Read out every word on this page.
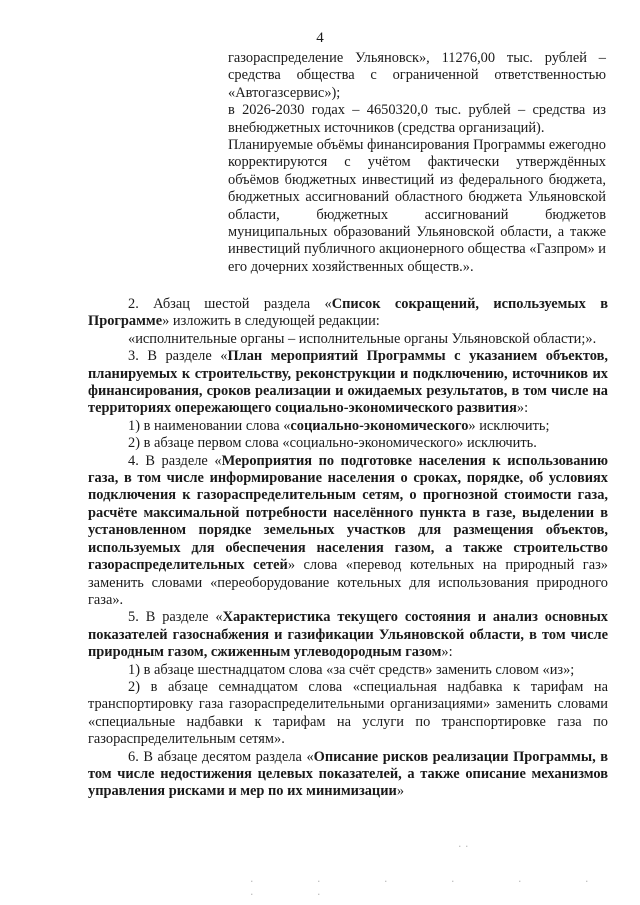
4

газораспределение Ульяновск», 11276,00 тыс. рублей – средства общества с ограниченной ответственностью «Автогазсервис»);

в 2026-2030 годах – 4650320,0 тыс. рублей – средства из внебюджетных источников (средства организаций).

Планируемые объёмы финансирования Программы ежегодно корректируются с учётом фактически утверждённых объёмов бюджетных инвестиций из федерального бюджета, бюджетных ассигнований областного бюджета Ульяновской области, бюджетных ассигнований бюджетов муниципальных образований Ульяновской области, а также инвестиций публичного акционерного общества «Газпром» и его дочерних хозяйственных обществ.».

2. Абзац шестой раздела «Список сокращений, используемых в Программе» изложить в следующей редакции:

«исполнительные органы – исполнительные органы Ульяновской области;».

3. В разделе «План мероприятий Программы с указанием объектов, планируемых к строительству, реконструкции и подключению, источников их финансирования, сроков реализации и ожидаемых результатов, в том числе на территориях опережающего социально-экономического развития»:

1) в наименовании слова «социально-экономического» исключить;

2) в абзаце первом слова «социально-экономического» исключить.

4. В разделе «Мероприятия по подготовке населения к использованию газа, в том числе информирование населения о сроках, порядке, об условиях подключения к газораспределительным сетям, о прогнозной стоимости газа, расчёте максимальной потребности населённого пункта в газе, выделении в установленном порядке земельных участков для размещения объектов, используемых для обеспечения населения газом, а также строительство газораспределительных сетей» слова «перевод котельных на природный газ» заменить словами «переоборудование котельных для использования природного газа».

5. В разделе «Характеристика текущего состояния и анализ основных показателей газоснабжения и газификации Ульяновской области, в том числе природным газом, сжиженным углеводородным газом»:

1) в абзаце шестнадцатом слова «за счёт средств» заменить словом «из»;

2) в абзаце семнадцатом слова «специальная надбавка к тарифам на транспортировку газа газораспределительными организациями» заменить словами «специальные надбавки к тарифам на услуги по транспортировке газа по газораспределительным сетям».

6. В абзаце десятом раздела «Описание рисков реализации Программы, в том числе недостижения целевых показателей, а также описание механизмов управления рисками и мер по их минимизации»

· ·
· · · · · · · ·
